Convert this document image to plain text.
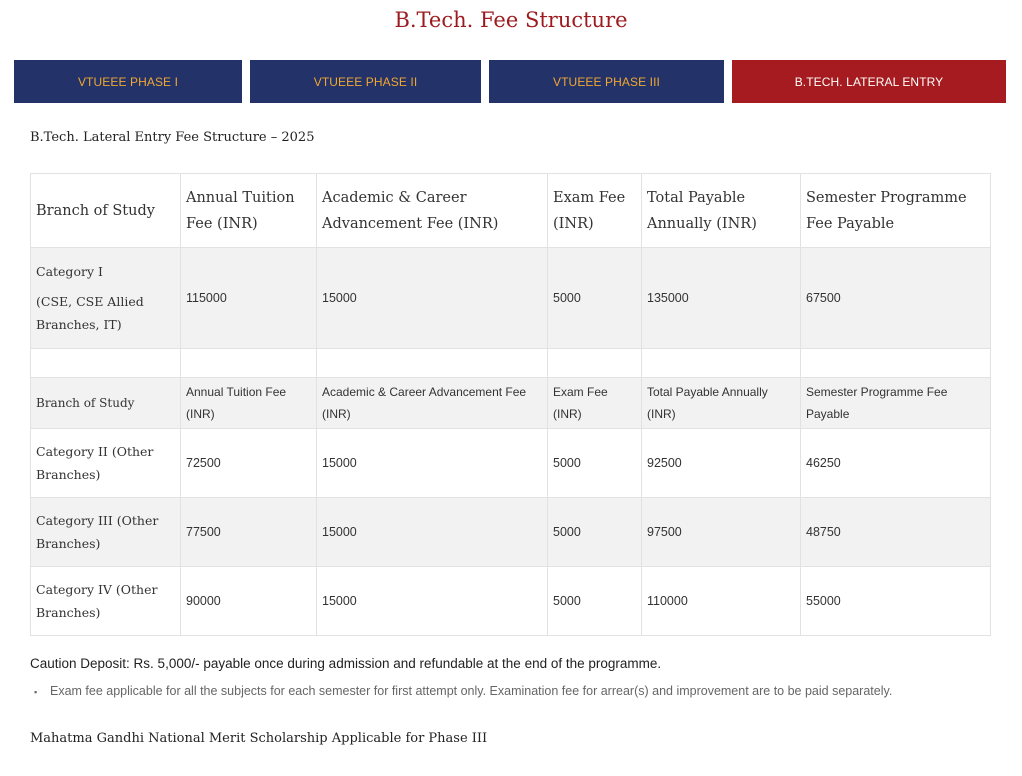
B.Tech. Fee Structure
VTUEEE PHASE I	VTUEEE PHASE II	VTUEEE PHASE III	B.TECH. LATERAL ENTRY
B.Tech. Lateral Entry Fee Structure – 2025
Branch of Study	Annual Tuition Fee (INR)	Academic & Career Advancement Fee (INR)	Exam Fee (INR)	Total Payable Annually (INR)	Semester Programme Fee Payable

Category I
(CSE, CSE Allied Branches, IT)	115000	15000	5000	135000	67500

Branch of Study	Annual Tuition Fee (INR)	Academic & Career Advancement Fee (INR)	Exam Fee (INR)	Total Payable Annually (INR)	Semester Programme Fee Payable
Category II (Other Branches)	72500	15000	5000	92500	46250
Category III (Other Branches)	77500	15000	5000	97500	48750
Category IV (Other Branches)	90000	15000	5000	110000	55000
Caution Deposit: Rs. 5,000/- payable once during admission and refundable at the end of the programme.
▪	Exam fee applicable for all the subjects for each semester for first attempt only. Examination fee for arrear(s) and improvement are to be paid separately.
Mahatma Gandhi National Merit Scholarship Applicable for Phase III
